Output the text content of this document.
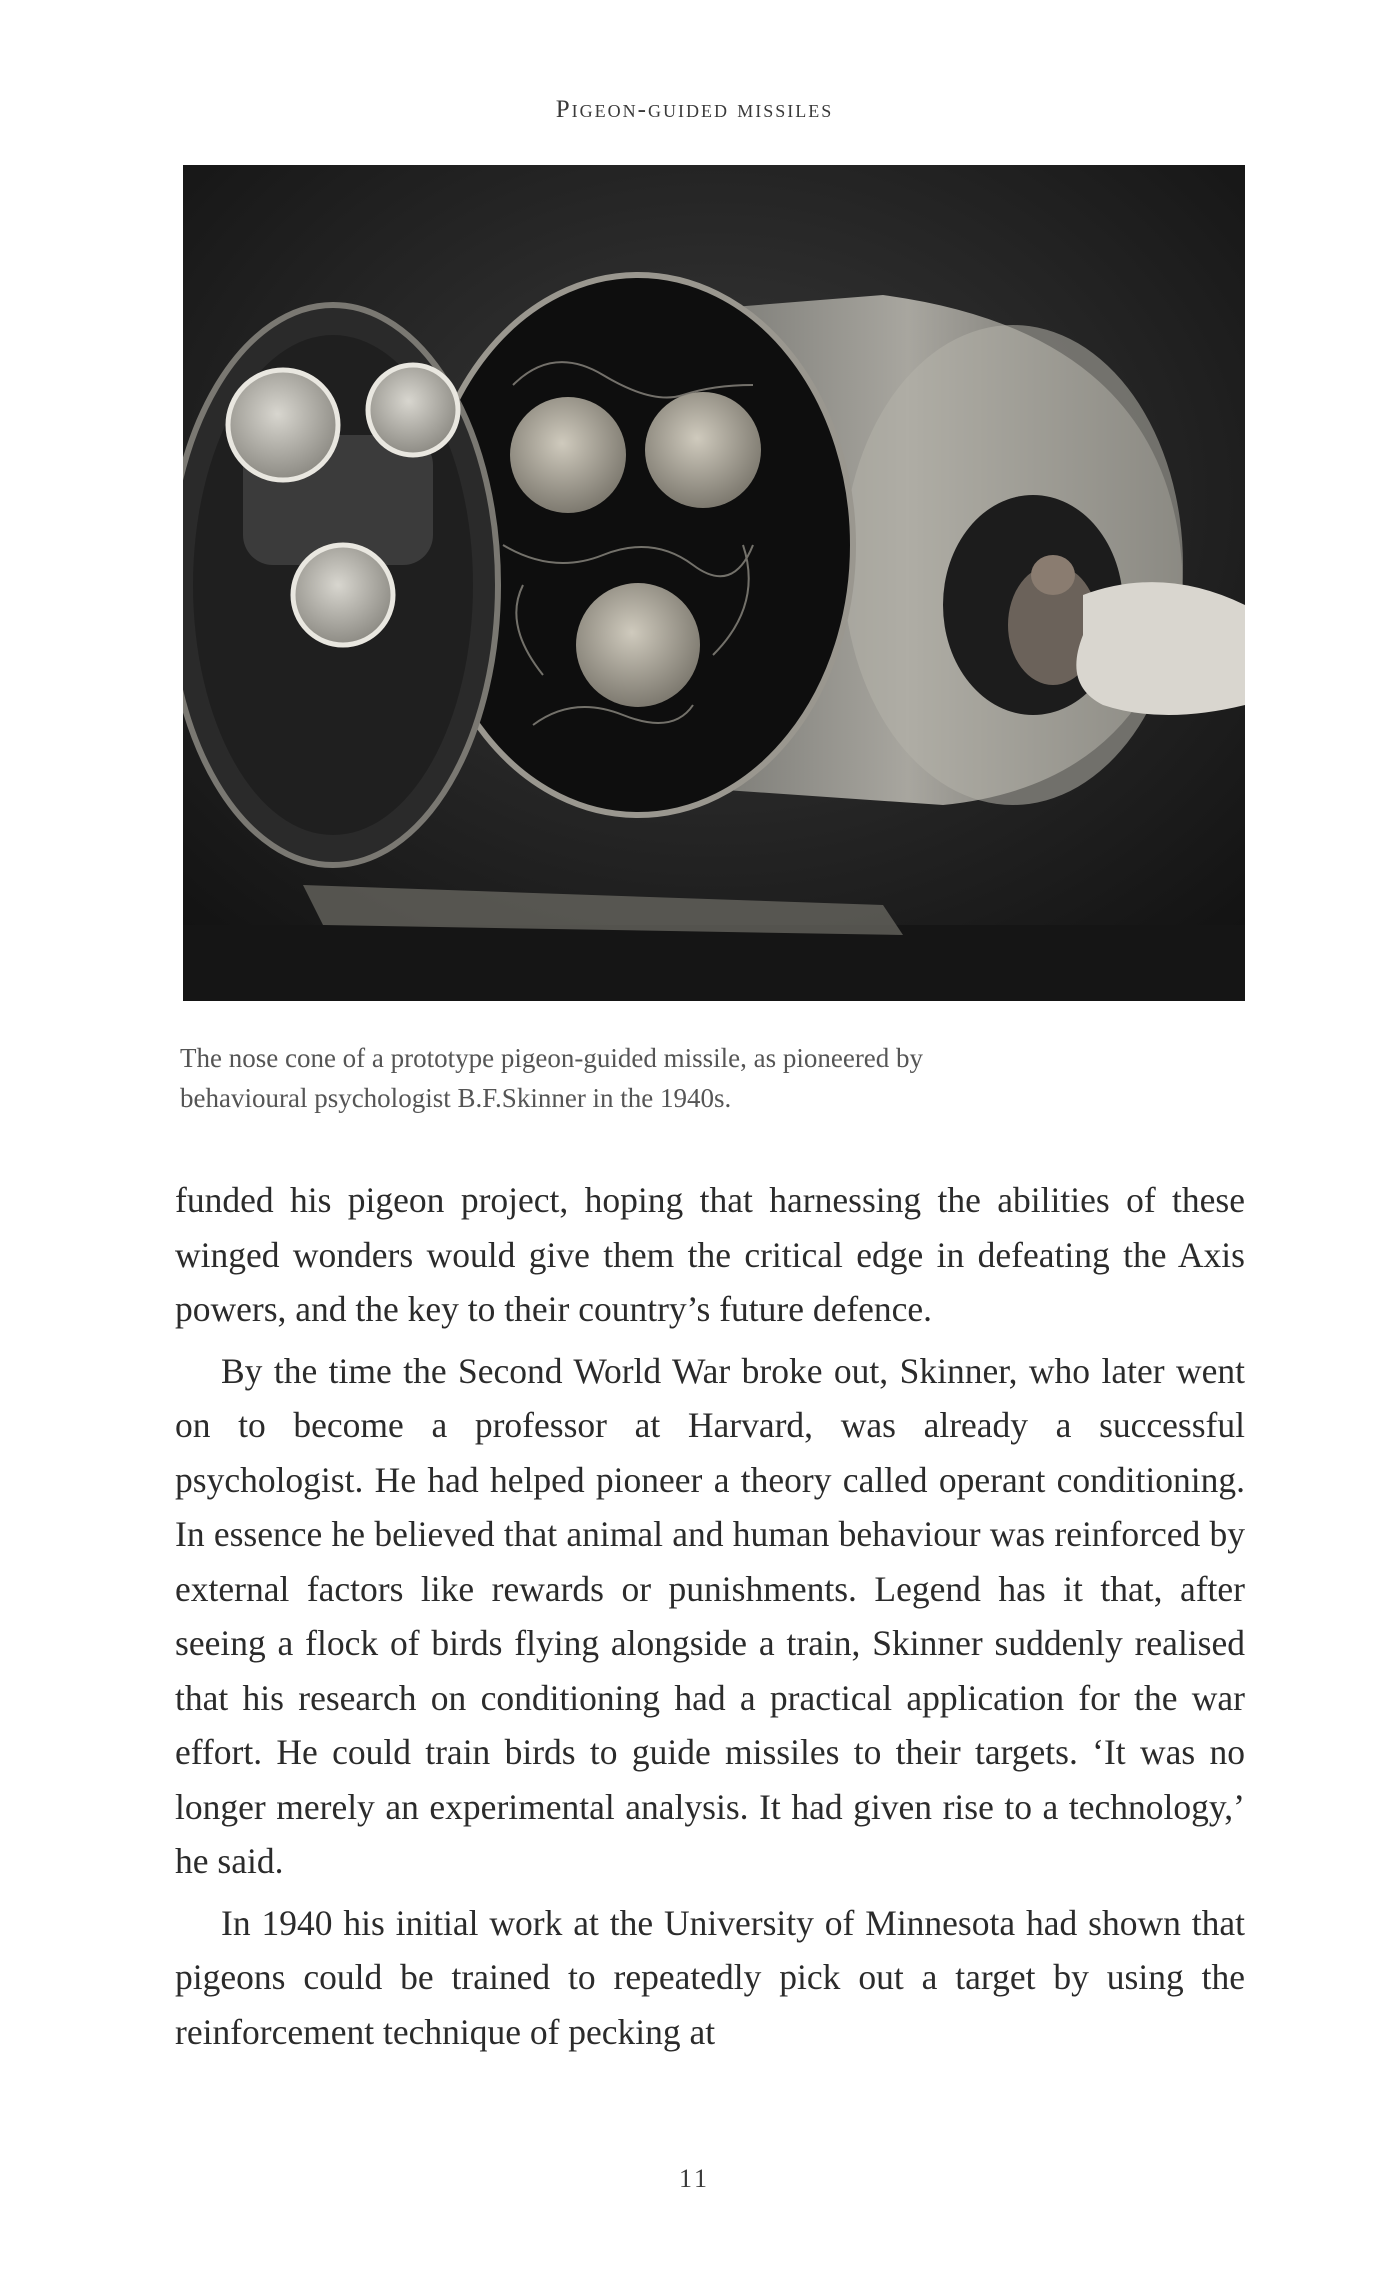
Pigeon-guided missiles

The nose cone of a prototype pigeon-guided missile, as pioneered by

behavioural psychologist B.F.Skinner in the 1940s.

funded his pigeon project, hoping that harnessing the abilities of these winged wonders would give them the critical edge in defeating the Axis powers, and the key to their country’s future defence.

By the time the Second World War broke out, Skinner, who later went on to become a professor at Harvard, was already a successful psychologist. He had helped pioneer a theory called operant conditioning. In essence he believed that animal and human behaviour was reinforced by external factors like rewards or punishments. Legend has it that, after seeing a flock of birds flying alongside a train, Skinner suddenly realised that his research on conditioning had a practical application for the war effort. He could train birds to guide missiles to their targets. ‘It was no longer merely an experimental analysis. It had given rise to a technology,’ he said.

In 1940 his initial work at the University of Minnesota had shown that pigeons could be trained to repeatedly pick out a target by using the reinforcement technique of pecking at

11
